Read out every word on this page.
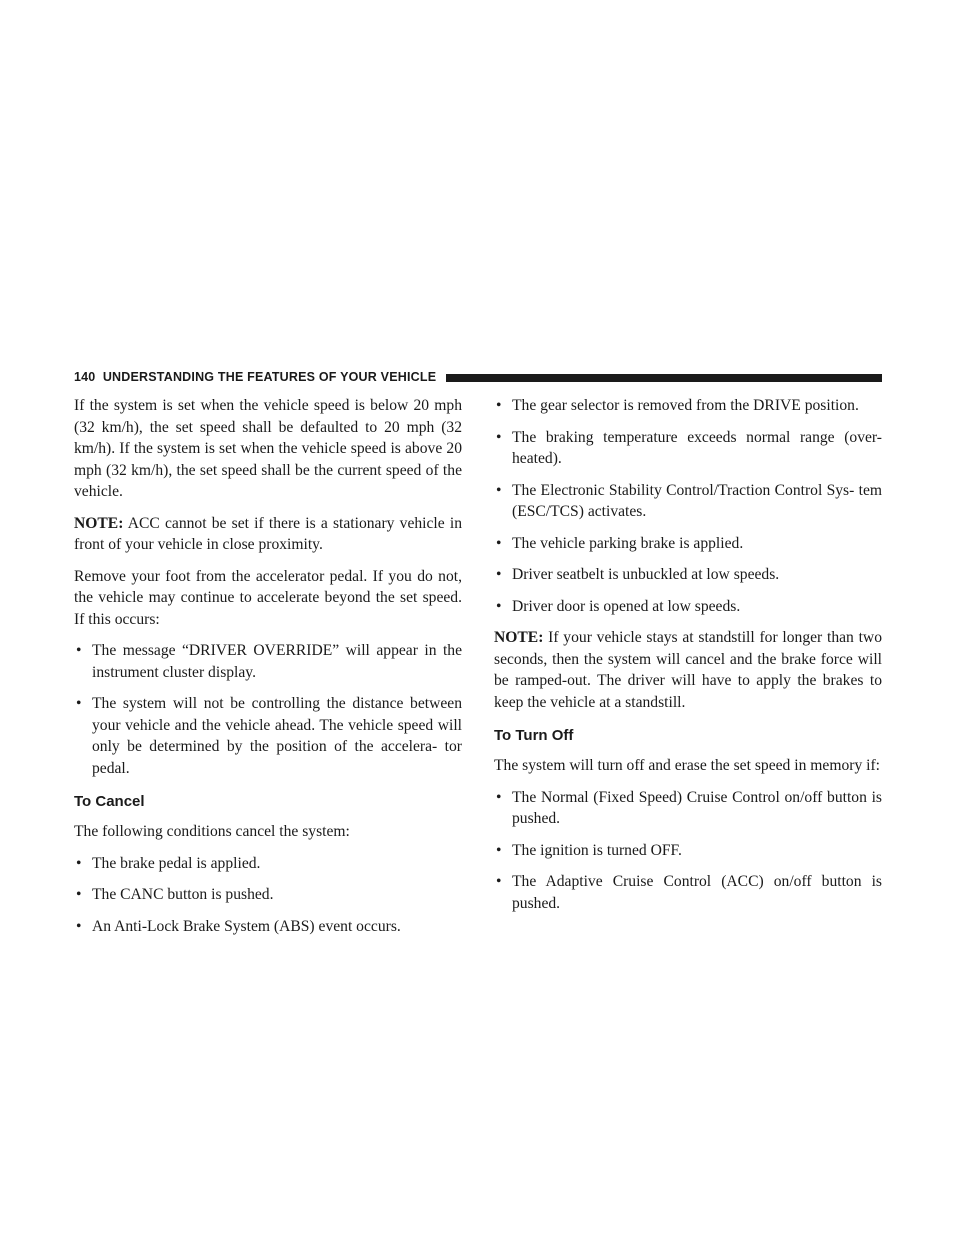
140 UNDERSTANDING THE FEATURES OF YOUR VEHICLE

If the system is set when the vehicle speed is below 20 mph (32 km/h), the set speed shall be defaulted to 20 mph (32 km/h). If the system is set when the vehicle speed is above 20 mph (32 km/h), the set speed shall be the current speed of the vehicle.

NOTE: ACC cannot be set if there is a stationary vehicle in front of your vehicle in close proximity.

Remove your foot from the accelerator pedal. If you do not, the vehicle may continue to accelerate beyond the set speed. If this occurs:

• The message “DRIVER OVERRIDE” will appear in the instrument cluster display.
• The system will not be controlling the distance between your vehicle and the vehicle ahead. The vehicle speed will only be determined by the position of the accelera- tor pedal.
To Cancel

The following conditions cancel the system:

• The brake pedal is applied.
• The CANC button is pushed.
• An Anti-Lock Brake System (ABS) event occurs.
• The gear selector is removed from the DRIVE position.
• The braking temperature exceeds normal range (over- heated).
• The Electronic Stability Control/Traction Control Sys- tem (ESC/TCS) activates.
• The vehicle parking brake is applied.
• Driver seatbelt is unbuckled at low speeds.
• Driver door is opened at low speeds.

NOTE: If your vehicle stays at standstill for longer than two seconds, then the system will cancel and the brake force will be ramped-out. The driver will have to apply the brakes to keep the vehicle at a standstill.

To Turn Off

The system will turn off and erase the set speed in memory if:

• The Normal (Fixed Speed) Cruise Control on/off button is pushed.
• The ignition is turned OFF.
• The Adaptive Cruise Control (ACC) on/off button is pushed.
